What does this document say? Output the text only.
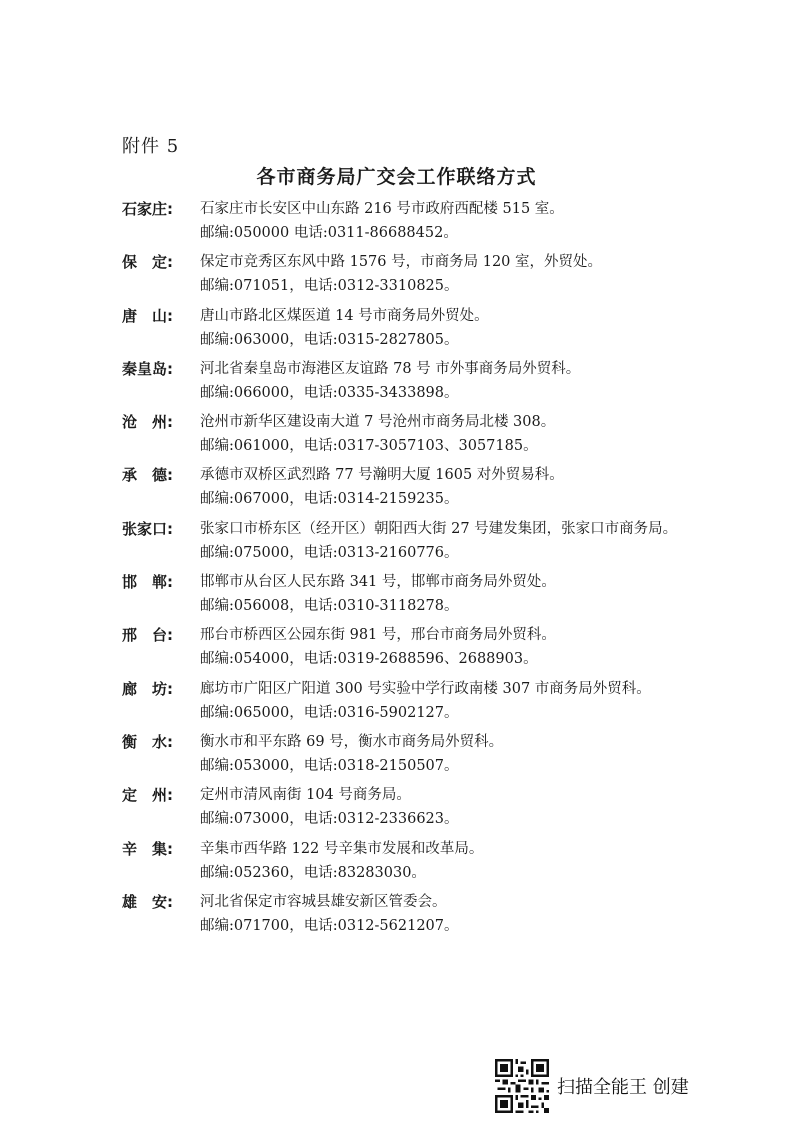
附件 5
各市商务局广交会工作联络方式
石家庄:	石家庄市长安区中山东路 216 号市政府西配楼 515 室。
邮编:050000 电话:0311-86688452。
保　定:	保定市竞秀区东风中路 1576 号，市商务局 120 室，外贸处。
邮编:071051，电话:0312-3310825。
唐　山:	唐山市路北区煤医道 14 号市商务局外贸处。
邮编:063000，电话:0315-2827805。
秦皇岛:	河北省秦皇岛市海港区友谊路 78 号 市外事商务局外贸科。
邮编:066000，电话:0335-3433898。
沧　州:	沧州市新华区建设南大道 7 号沧州市商务局北楼 308。
邮编:061000，电话:0317-3057103、3057185。
承　德:	承德市双桥区武烈路 77 号瀚明大厦 1605 对外贸易科。
邮编:067000，电话:0314-2159235。
张家口:	张家口市桥东区（经开区）朝阳西大街 27 号建发集团，张家口市商务局。
邮编:075000，电话:0313-2160776。
邯　郸:	邯郸市从台区人民东路 341 号，邯郸市商务局外贸处。
邮编:056008，电话:0310-3118278。
邢　台:	邢台市桥西区公园东街 981 号，邢台市商务局外贸科。
邮编:054000，电话:0319-2688596、2688903。
廊　坊:	廊坊市广阳区广阳道 300 号实验中学行政南楼 307 市商务局外贸科。
邮编:065000，电话:0316-5902127。
衡　水:	衡水市和平东路 69 号，衡水市商务局外贸科。
邮编:053000，电话:0318-2150507。
定　州:	定州市清风南街 104 号商务局。
邮编:073000，电话:0312-2336623。
辛　集:	辛集市西华路 122 号辛集市发展和改革局。
邮编:052360，电话:83283030。
雄　安:	河北省保定市容城县雄安新区管委会。
邮编:071700，电话:0312-5621207。
扫描全能王 创建
